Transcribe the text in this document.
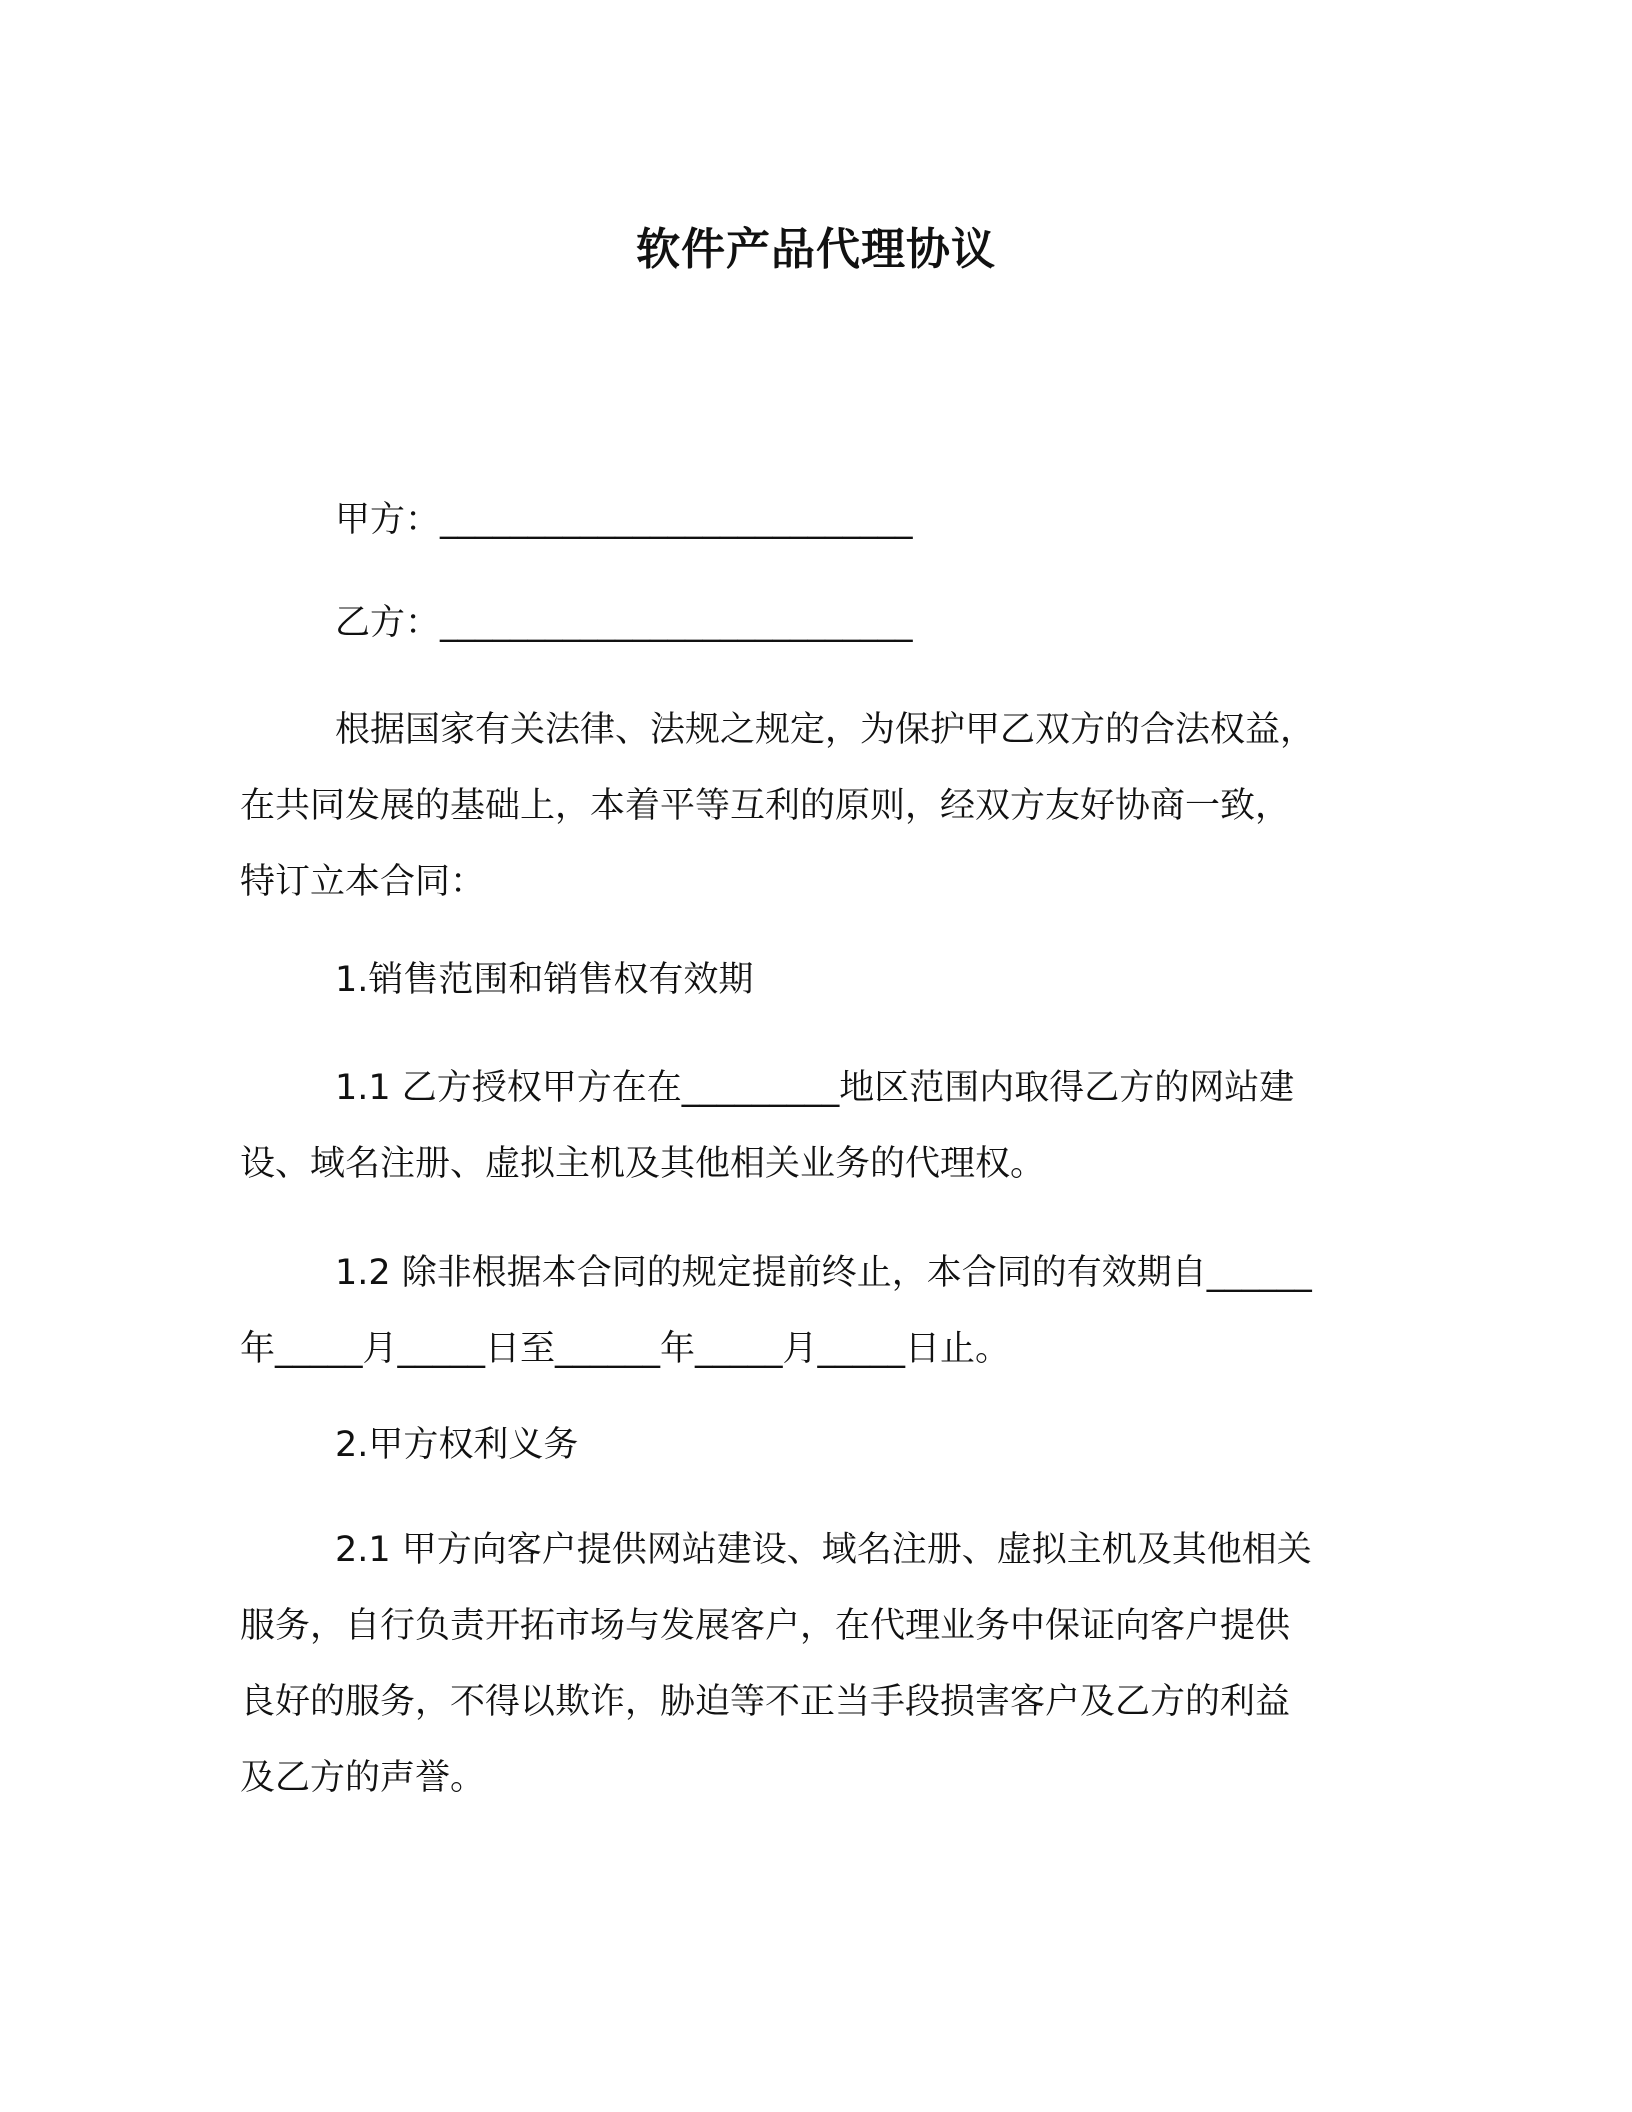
软件产品代理协议
甲方：___________________________
乙方：___________________________
根据国家有关法律、法规之规定，为保护甲乙双方的合法权益，
在共同发展的基础上，本着平等互利的原则，经双方友好协商一致，
特订立本合同：
1.销售范围和销售权有效期
1.1 乙方授权甲方在在_________地区范围内取得乙方的网站建
设、域名注册、虚拟主机及其他相关业务的代理权。
1.2 除非根据本合同的规定提前终止，本合同的有效期自______
年_____月_____日至______年_____月_____日止。
2.甲方权利义务
2.1 甲方向客户提供网站建设、域名注册、虚拟主机及其他相关
服务，自行负责开拓市场与发展客户，在代理业务中保证向客户提供
良好的服务，不得以欺诈，胁迫等不正当手段损害客户及乙方的利益
及乙方的声誉。
